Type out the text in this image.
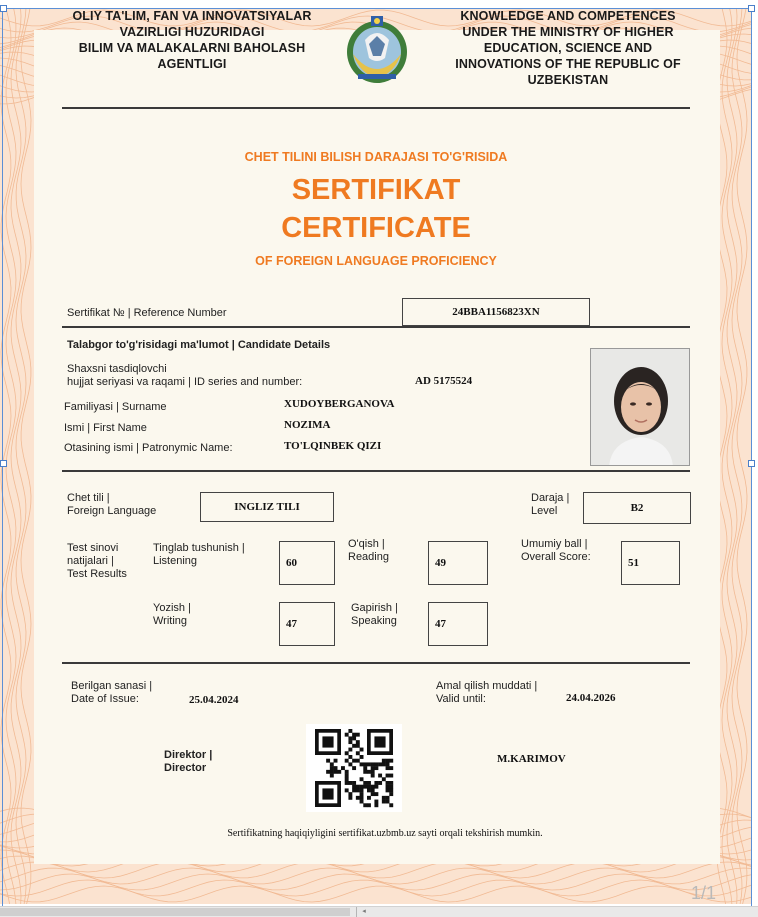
OLIY TA'LIM, FAN VA INNOVATSIYALAR
VAZIRLIGI HUZURIDAGI
BILIM VA MALAKALARNI BAHOLASH
AGENTLIGI
KNOWLEDGE AND COMPETENCES
UNDER THE MINISTRY OF HIGHER
EDUCATION, SCIENCE AND
INNOVATIONS OF THE REPUBLIC OF
UZBEKISTAN
CHET TILINI BILISH DARAJASI TO'G'RISIDA
SERTIFIKAT
CERTIFICATE
OF FOREIGN LANGUAGE PROFICIENCY
Sertifikat № | Reference Number	24BBA1156823XN
Talabgor to'g'risidagi ma'lumot | Candidate Details
Shaxsni tasdiqlovchi
hujjat seriyasi va raqami | ID series and number:	AD 5175524
Familiyasi | Surname	XUDOYBERGANOVA
Ismi | First Name	NOZIMA
Otasining ismi | Patronymic Name:	TO'LQINBEK QIZI
Chet tili |
Foreign Language	INGLIZ TILI
Daraja |
Level	B2
Test sinovi
natijalari |
Test Results
Tinglab tushunish |
Listening	60
O'qish |
Reading	49
Umumiy ball |
Overall Score:	51
Yozish |
Writing	47
Gapirish |
Speaking	47
Berilgan sanasi |
Date of Issue:	25.04.2024
Amal qilish muddati |
Valid until:	24.04.2026
Direktor |
Director
M.KARIMOV
Sertifikatning haqiqiyligini sertifikat.uzbmb.uz sayti orqali tekshirish mumkin.
1/1
◂
